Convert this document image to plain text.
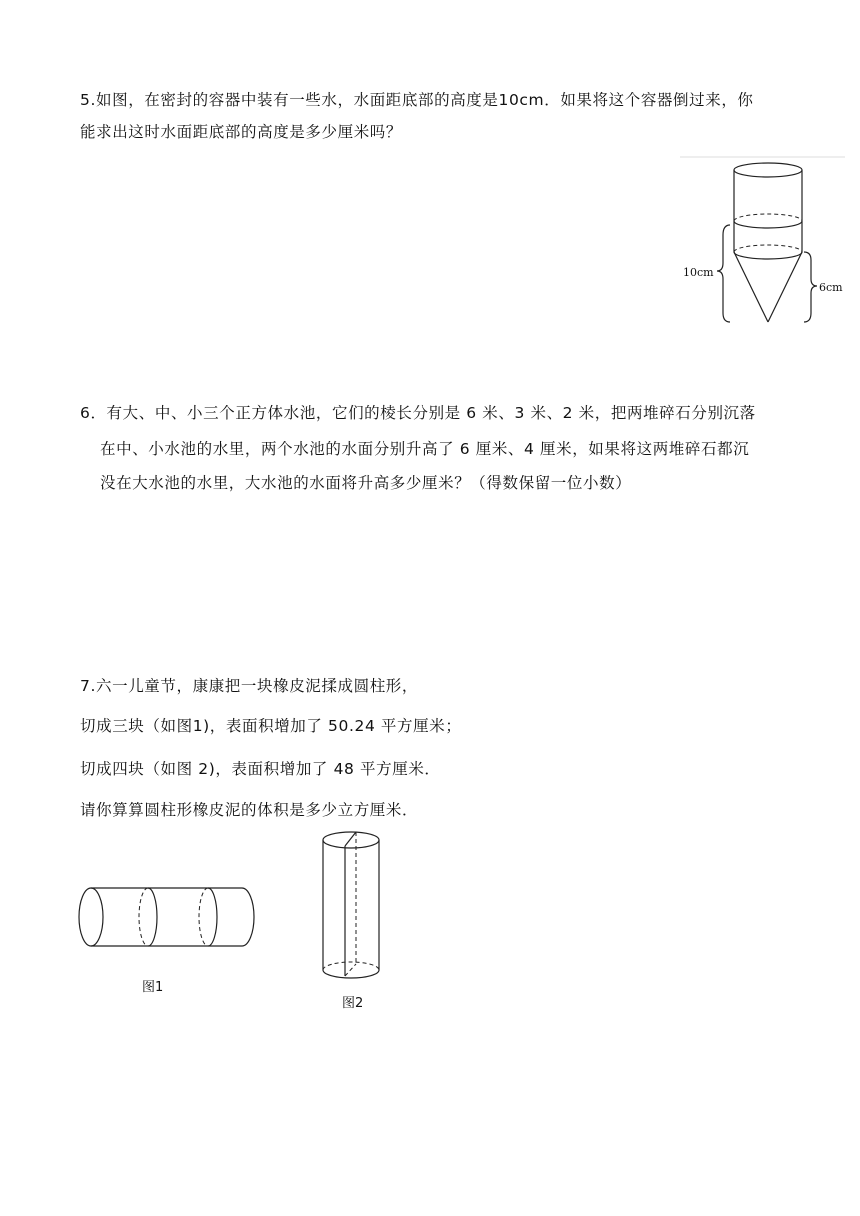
5.如图，在密封的容器中装有一些水，水面距底部的高度是10cm．如果将这个容器倒过来，你
能求出这时水面距底部的高度是多少厘米吗？
10cm
6cm
6．有大、中、小三个正方体水池，它们的棱长分别是 6 米、3 米、2 米，把两堆碎石分别沉落
在中、小水池的水里，两个水池的水面分别升高了 6 厘米、4 厘米，如果将这两堆碎石都沉
没在大水池的水里，大水池的水面将升高多少厘米？（得数保留一位小数）
7.六一儿童节，康康把一块橡皮泥揉成圆柱形，
切成三块（如图1)，表面积增加了 50.24 平方厘米；
切成四块（如图 2)，表面积增加了 48 平方厘米．
请你算算圆柱形橡皮泥的体积是多少立方厘米．
图1
图2
